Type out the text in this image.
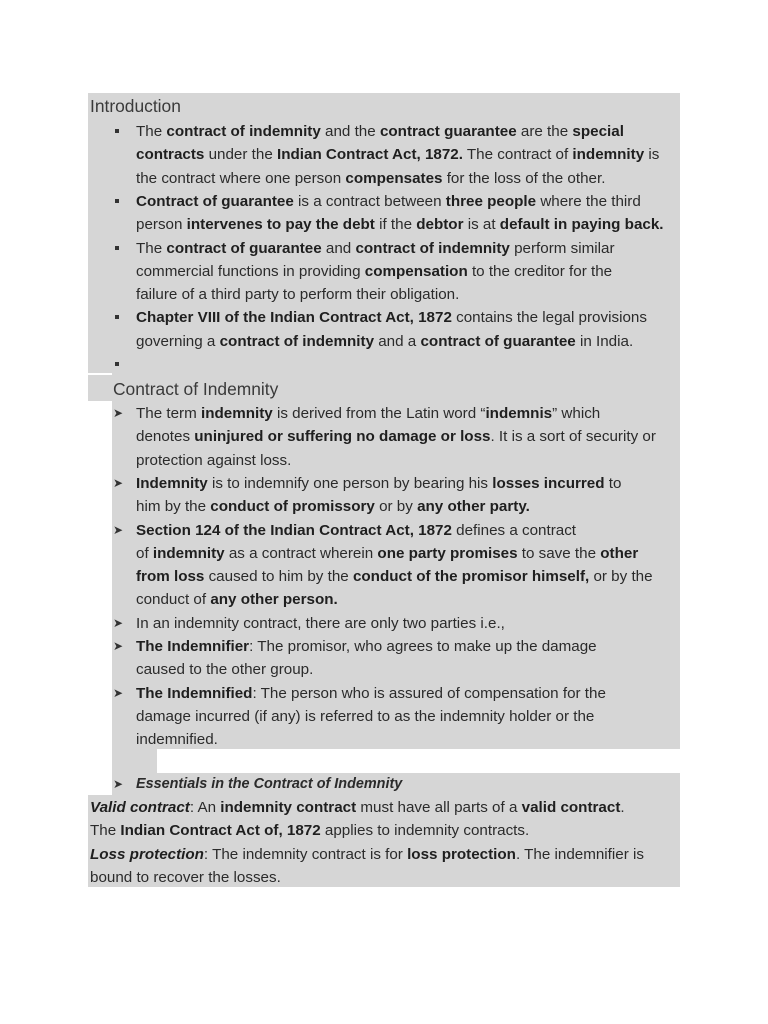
Introduction
The contract of indemnity and the contract guarantee are the special
contracts under the Indian Contract Act, 1872. The contract of indemnity is
the contract where one person compensates for the loss of the other.
Contract of guarantee is a contract between three people where the third
person intervenes to pay the debt if the debtor is at default in paying back.
The contract of guarantee and contract of indemnity perform similar
commercial functions in providing compensation to the creditor for the
failure of a third party to perform their obligation.
Chapter VIII of the Indian Contract Act, 1872 contains the legal provisions
governing a contract of indemnity and a contract of guarantee in India.
Contract of Indemnity
➤ The term indemnity is derived from the Latin word “indemnis” which
denotes uninjured or suffering no damage or loss. It is a sort of security or
protection against loss.
➤ Indemnity is to indemnify one person by bearing his losses incurred to
him by the conduct of promissory or by any other party.
➤ Section 124 of the Indian Contract Act, 1872 defines a contract
of indemnity as a contract wherein one party promises to save the other
from loss caused to him by the conduct of the promisor himself, or by the
conduct of any other person.
➤ In an indemnity contract, there are only two parties i.e.,
➤ The Indemnifier: The promisor, who agrees to make up the damage
caused to the other group.
➤ The Indemnified: The person who is assured of compensation for the
damage incurred (if any) is referred to as the indemnity holder or the
indemnified.
➤ Essentials in the Contract of Indemnity
Valid contract: An indemnity contract must have all parts of a valid contract.
The Indian Contract Act of, 1872 applies to indemnity contracts.
Loss protection: The indemnity contract is for loss protection. The indemnifier is
bound to recover the losses.
